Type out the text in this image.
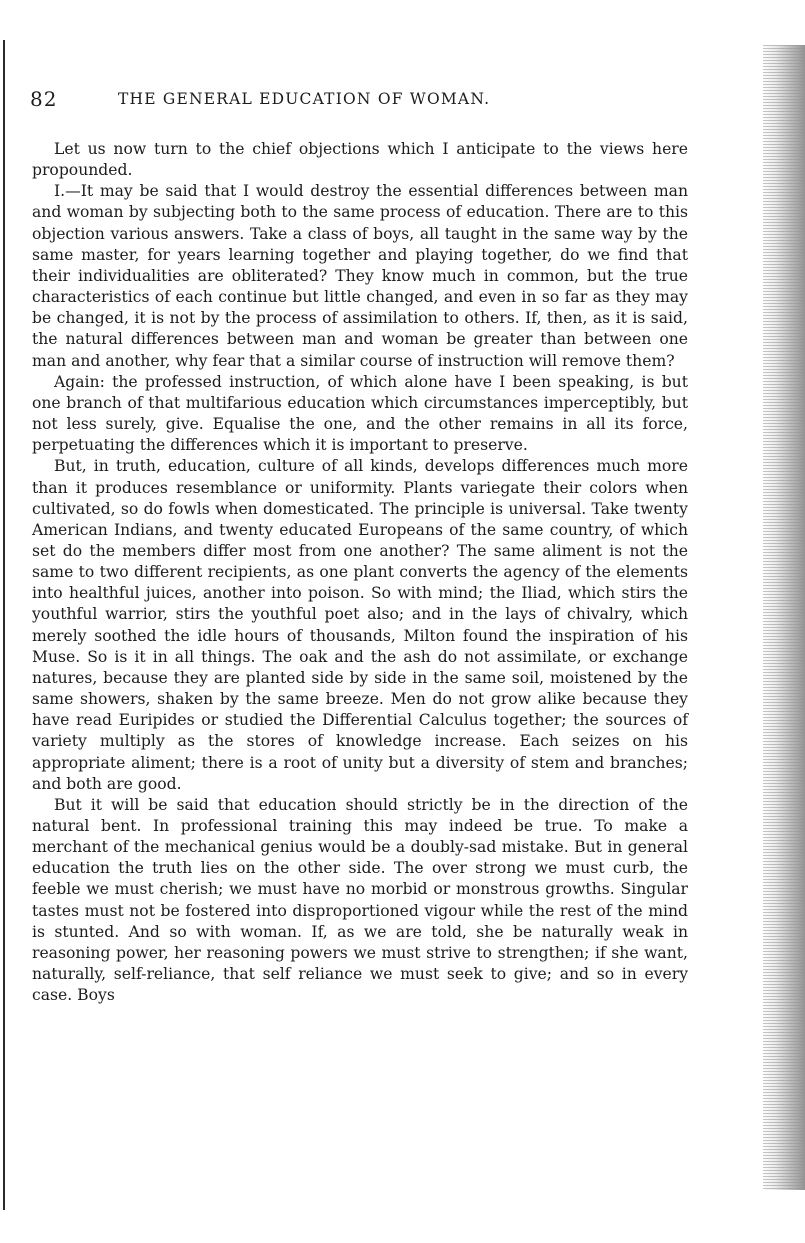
82	THE GENERAL EDUCATION OF WOMAN.

Let us now turn to the chief objections which I anticipate to the views here propounded.

I.—It may be said that I would destroy the essential differences between man and woman by subjecting both to the same process of education. There are to this objection various answers. Take a class of boys, all taught in the same way by the same master, for years learning together and playing together, do we find that their individualities are obliterated? They know much in common, but the true characteristics of each continue but little changed, and even in so far as they may be changed, it is not by the process of assimilation to others. If, then, as it is said, the natural differences between man and woman be greater than between one man and another, why fear that a similar course of instruction will remove them?

Again: the professed instruction, of which alone have I been speaking, is but one branch of that multifarious education which circumstances imperceptibly, but not less surely, give. Equalise the one, and the other remains in all its force, perpetuating the differences which it is important to preserve.

But, in truth, education, culture of all kinds, develops differences much more than it produces resemblance or uniformity. Plants variegate their colors when cultivated, so do fowls when domesticated. The principle is universal. Take twenty American Indians, and twenty educated Europeans of the same country, of which set do the members differ most from one another? The same aliment is not the same to two different recipients, as one plant converts the agency of the elements into healthful juices, another into poison. So with mind; the Iliad, which stirs the youthful warrior, stirs the youthful poet also; and in the lays of chivalry, which merely soothed the idle hours of thousands, Milton found the inspiration of his Muse. So is it in all things. The oak and the ash do not assimilate, or exchange natures, because they are planted side by side in the same soil, moistened by the same showers, shaken by the same breeze. Men do not grow alike because they have read Euripides or studied the Differential Calculus together; the sources of variety multiply as the stores of knowledge increase. Each seizes on his appropriate aliment; there is a root of unity but a diversity of stem and branches; and both are good.

But it will be said that education should strictly be in the direction of the natural bent. In professional training this may indeed be true. To make a merchant of the mechanical genius would be a doubly-sad mistake. But in general education the truth lies on the other side. The over strong we must curb, the feeble we must cherish; we must have no morbid or monstrous growths. Singular tastes must not be fostered into disproportioned vigour while the rest of the mind is stunted. And so with woman. If, as we are told, she be naturally weak in reasoning power, her reasoning powers we must strive to strengthen; if she want, naturally, self-reliance, that self reliance we must seek to give; and so in every case. Boys
